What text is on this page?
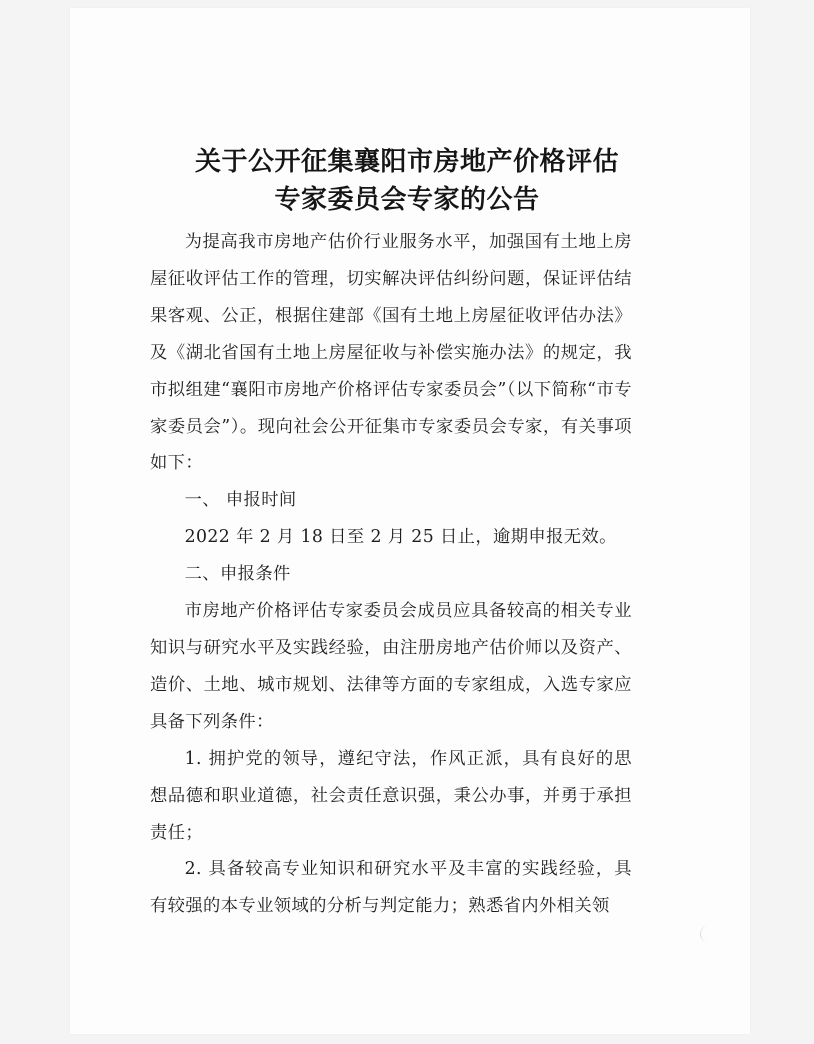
关于公开征集襄阳市房地产价格评估
专家委员会专家的公告

为提高我市房地产估价行业服务水平，加强国有土地上房屋征收评估工作的管理，切实解决评估纠纷问题，保证评估结果客观、公正，根据住建部《国有土地上房屋征收评估办法》及《湖北省国有土地上房屋征收与补偿实施办法》的规定，我市拟组建“襄阳市房地产价格评估专家委员会”（以下简称“市专家委员会”）。现向社会公开征集市专家委员会专家，有关事项如下：

一、 申报时间

2022 年 2 月 18 日至 2 月 25 日止，逾期申报无效。

二、申报条件

市房地产价格评估专家委员会成员应具备较高的相关专业知识与研究水平及实践经验，由注册房地产估价师以及资产、造价、土地、城市规划、法律等方面的专家组成，入选专家应具备下列条件：

1. 拥护党的领导，遵纪守法，作风正派，具有良好的思想品德和职业道德，社会责任意识强，秉公办事，并勇于承担责任；

2. 具备较高专业知识和研究水平及丰富的实践经验，具有较强的本专业领域的分析与判定能力；熟悉省内外相关领
